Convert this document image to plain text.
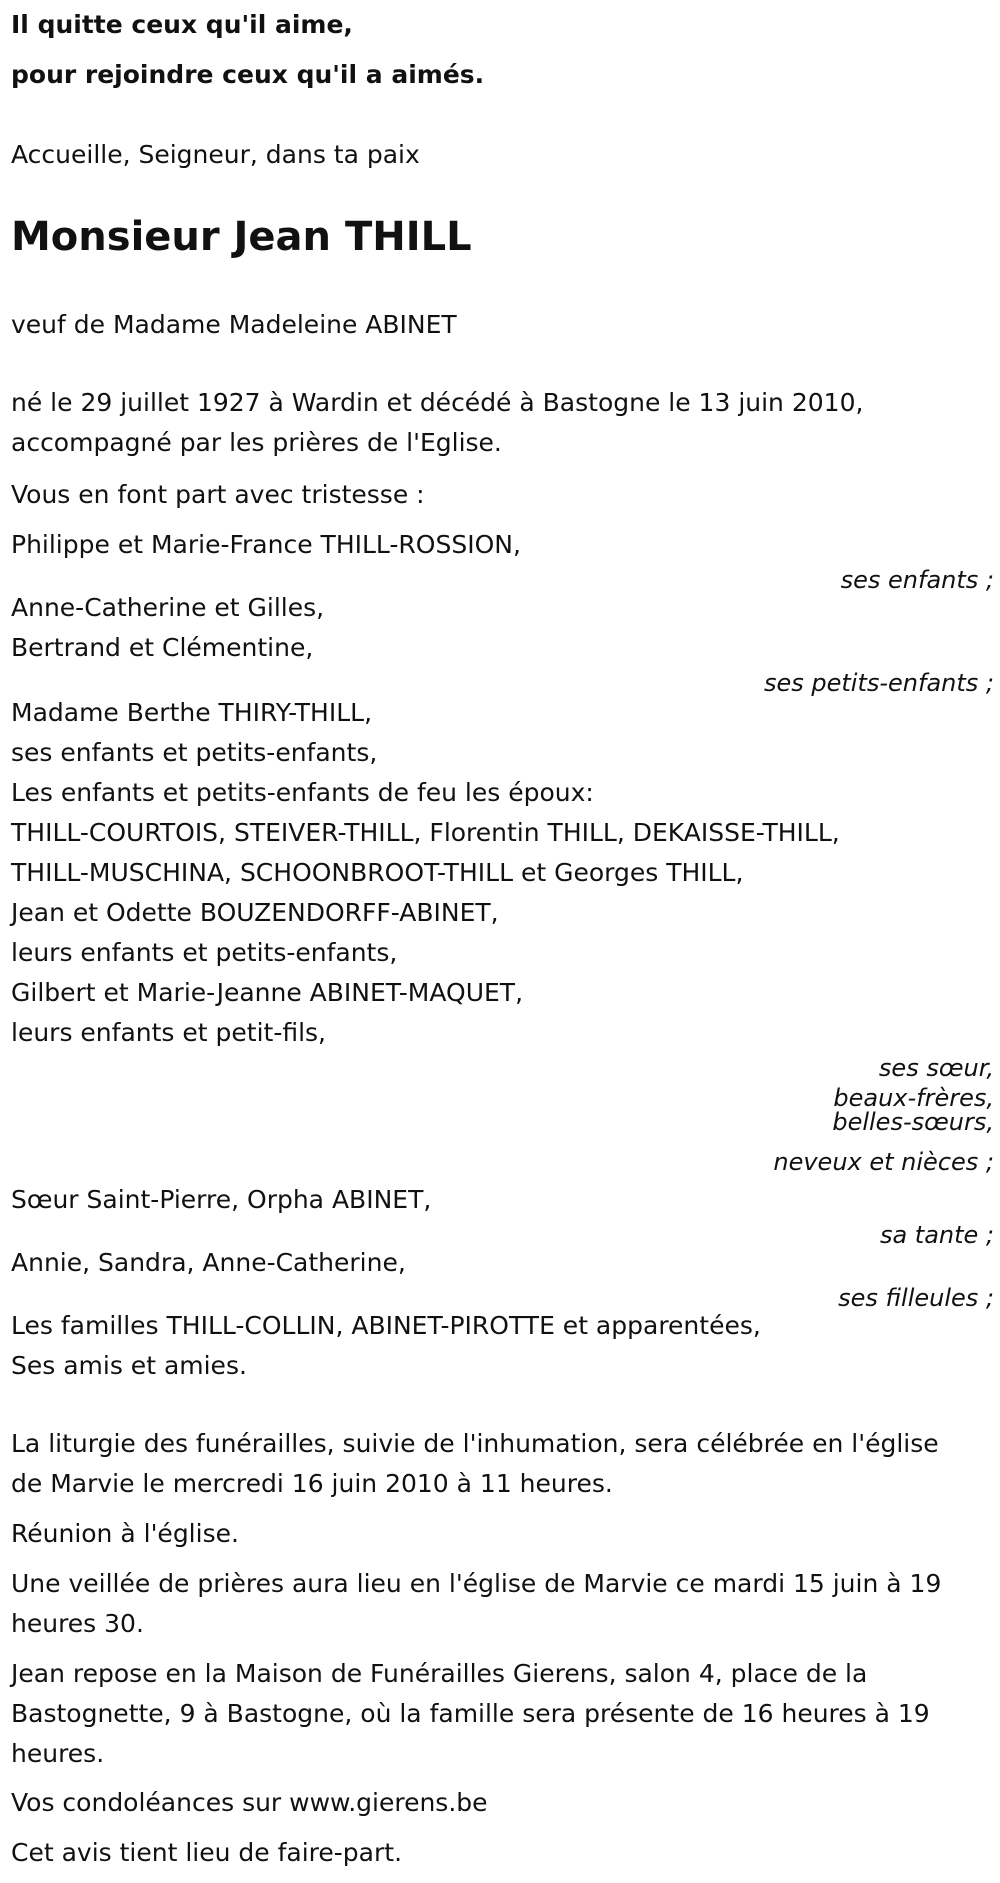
Il quitte ceux qu'il aime,
pour rejoindre ceux qu'il a aimés.

Accueille, Seigneur, dans ta paix

Monsieur Jean THILL

veuf de Madame Madeleine ABINET

né le 29 juillet 1927 à Wardin et décédé à Bastogne le 13 juin 2010,
accompagné par les prières de l'Eglise.

Vous en font part avec tristesse :

Philippe et Marie-France THILL-ROSSION,
ses enfants ;
Anne-Catherine et Gilles,
Bertrand et Clémentine,
ses petits-enfants ;
Madame Berthe THIRY-THILL,
ses enfants et petits-enfants,
Les enfants et petits-enfants de feu les époux:
THILL-COURTOIS, STEIVER-THILL, Florentin THILL, DEKAISSE-THILL,
THILL-MUSCHINA, SCHOONBROOT-THILL et Georges THILL,
Jean et Odette BOUZENDORFF-ABINET,
leurs enfants et petits-enfants,
Gilbert et Marie-Jeanne ABINET-MAQUET,
leurs enfants et petit-fils,
ses sœur, beaux-frères,
belles-sœurs,
neveux et nièces ;
Sœur Saint-Pierre, Orpha ABINET,
sa tante ;
Annie, Sandra, Anne-Catherine,
ses filleules ;
Les familles THILL-COLLIN, ABINET-PIROTTE et apparentées,
Ses amis et amies.
La liturgie des funérailles, suivie de l'inhumation, sera célébrée en l'église
de Marvie le mercredi 16 juin 2010 à 11 heures.

Réunion à l'église.

Une veillée de prières aura lieu en l'église de Marvie ce mardi 15 juin à 19 heures 30.

Jean repose en la Maison de Funérailles Gierens, salon 4, place de la Bastognette, 9 à Bastogne, où la famille sera présente de 16 heures à 19 heures.

Vos condoléances sur www.gierens.be

Cet avis tient lieu de faire-part.
